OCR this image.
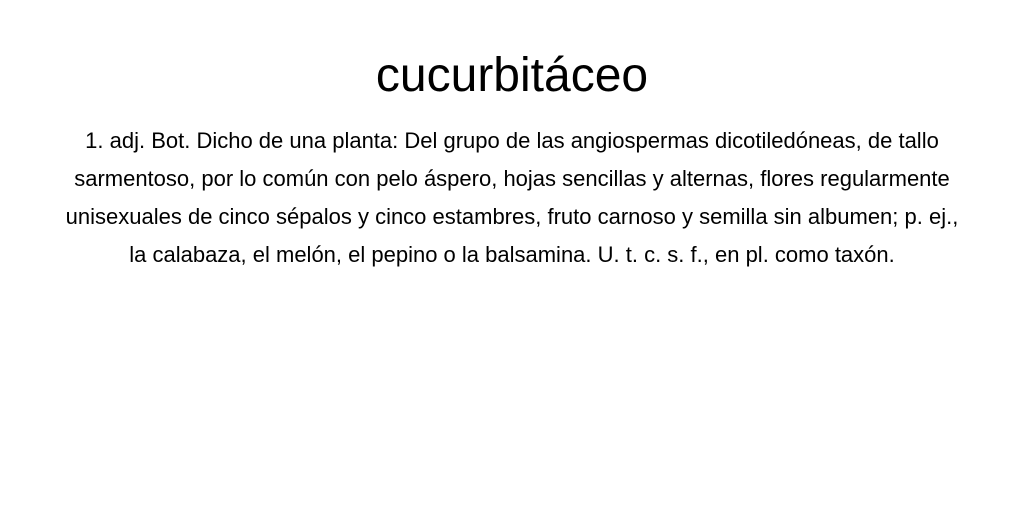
cucurbitáceo

1. adj. Bot. Dicho de una planta: Del grupo de las angiospermas dicotiledóneas, de tallo sarmentoso, por lo común con pelo áspero, hojas sencillas y alternas, flores regularmente unisexuales de cinco sépalos y cinco estambres, fruto carnoso y semilla sin albumen; p. ej., la calabaza, el melón, el pepino o la balsamina. U. t. c. s. f., en pl. como taxón.
